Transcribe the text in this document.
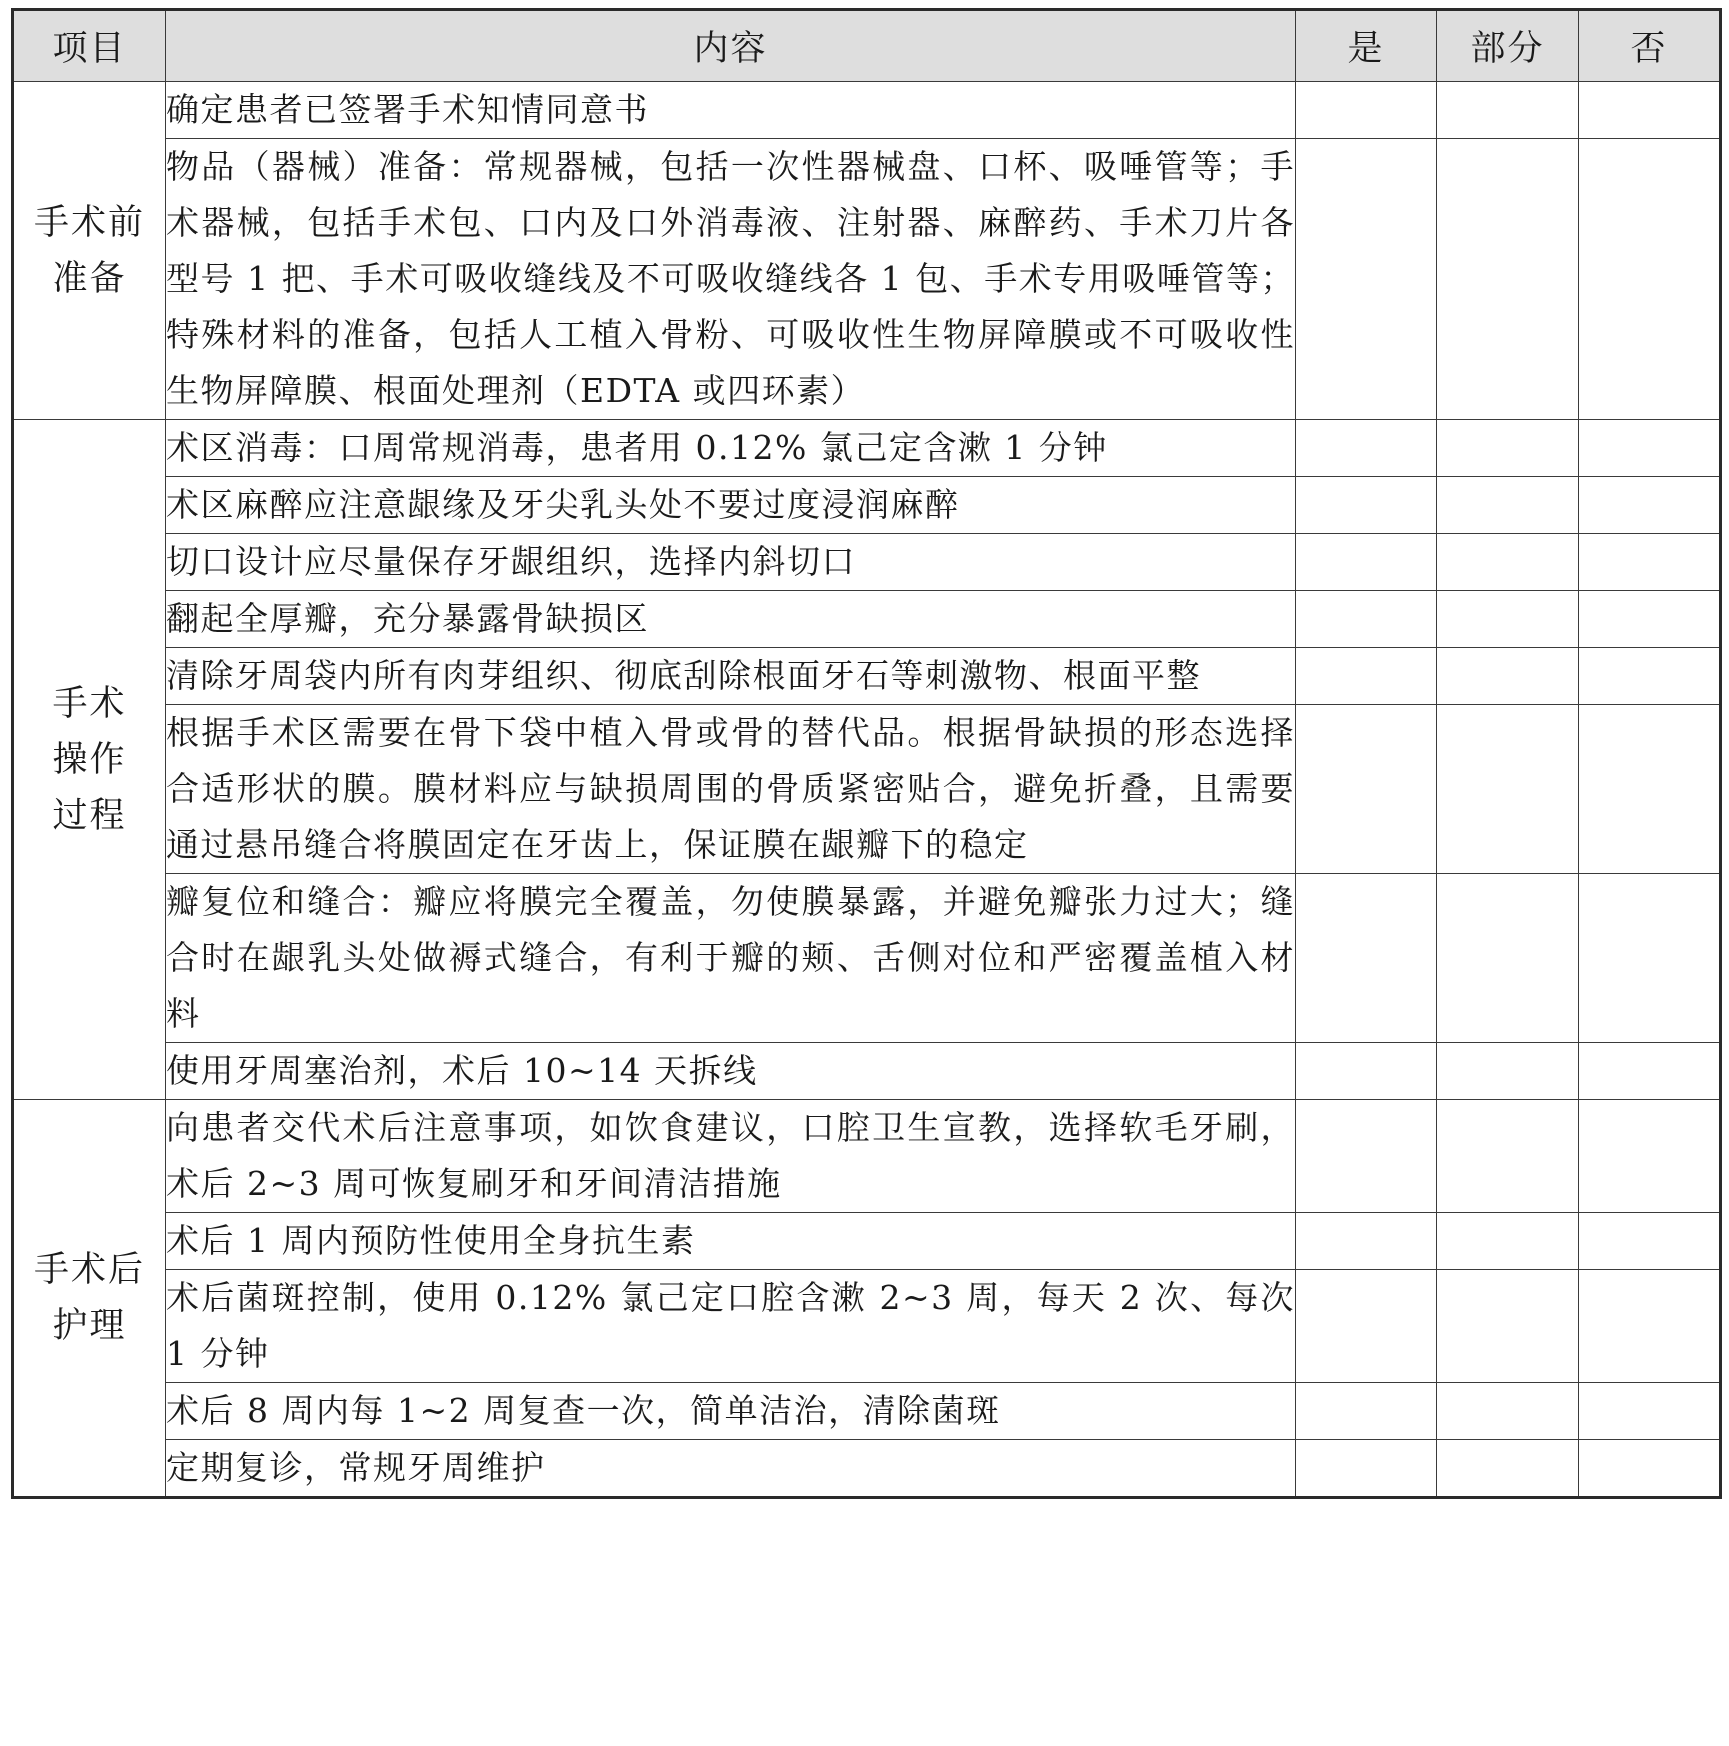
项目	内容	是	部分	否
手术前准备	确定患者已签署手术知情同意书			
	物品（器械）准备：常规器械，包括一次性器械盘、口杯、吸唾管等；手术器械，包括手术包、口内及口外消毒液、注射器、麻醉药、手术刀片各型号 1 把、手术可吸收缝线及不可吸收缝线各 1 包、手术专用吸唾管等；特殊材料的准备，包括人工植入骨粉、可吸收性生物屏障膜或不可吸收性生物屏障膜、根面处理剂（EDTA 或四环素）			
手术操作过程	术区消毒：口周常规消毒，患者用 0.12% 氯己定含漱 1 分钟			
	术区麻醉应注意龈缘及牙尖乳头处不要过度浸润麻醉			
	切口设计应尽量保存牙龈组织，选择内斜切口			
	翻起全厚瓣，充分暴露骨缺损区			
	清除牙周袋内所有肉芽组织、彻底刮除根面牙石等刺激物、根面平整			
	根据手术区需要在骨下袋中植入骨或骨的替代品。根据骨缺损的形态选择合适形状的膜。膜材料应与缺损周围的骨质紧密贴合，避免折叠，且需要通过悬吊缝合将膜固定在牙齿上，保证膜在龈瓣下的稳定			
	瓣复位和缝合：瓣应将膜完全覆盖，勿使膜暴露，并避免瓣张力过大；缝合时在龈乳头处做褥式缝合，有利于瓣的颊、舌侧对位和严密覆盖植入材料			
	使用牙周塞治剂，术后 10~14 天拆线			
手术后护理	向患者交代术后注意事项，如饮食建议，口腔卫生宣教，选择软毛牙刷，术后 2~3 周可恢复刷牙和牙间清洁措施			
	术后 1 周内预防性使用全身抗生素			
	术后菌斑控制，使用 0.12% 氯己定口腔含漱 2~3 周，每天 2 次、每次 1 分钟			
	术后 8 周内每 1~2 周复查一次，简单洁治，清除菌斑			
	定期复诊，常规牙周维护			
